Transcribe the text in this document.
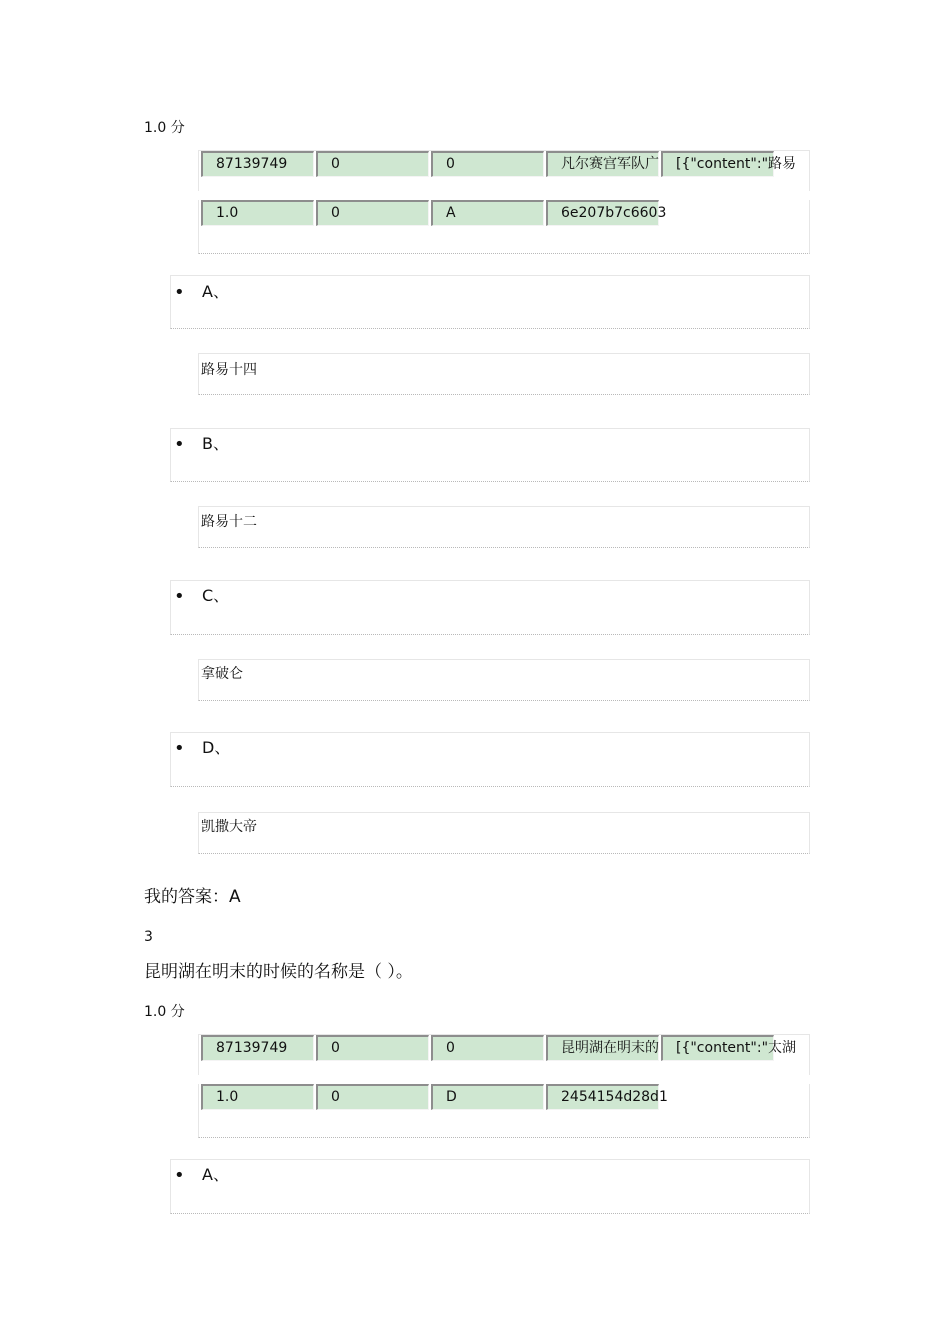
1.0 分
87139749	0	0	凡尔赛宫军队广	[{"content":"路易
1.0	0	A	6e207b7c6603
• A、
路易十四
• B、
路易十二
• C、
拿破仑
• D、
凯撒大帝
我的答案：A
3
昆明湖在明末的时候的名称是（ ）。
1.0 分
87139749	0	0	昆明湖在明末的	[{"content":"太湖
1.0	0	D	2454154d28d1
• A、
